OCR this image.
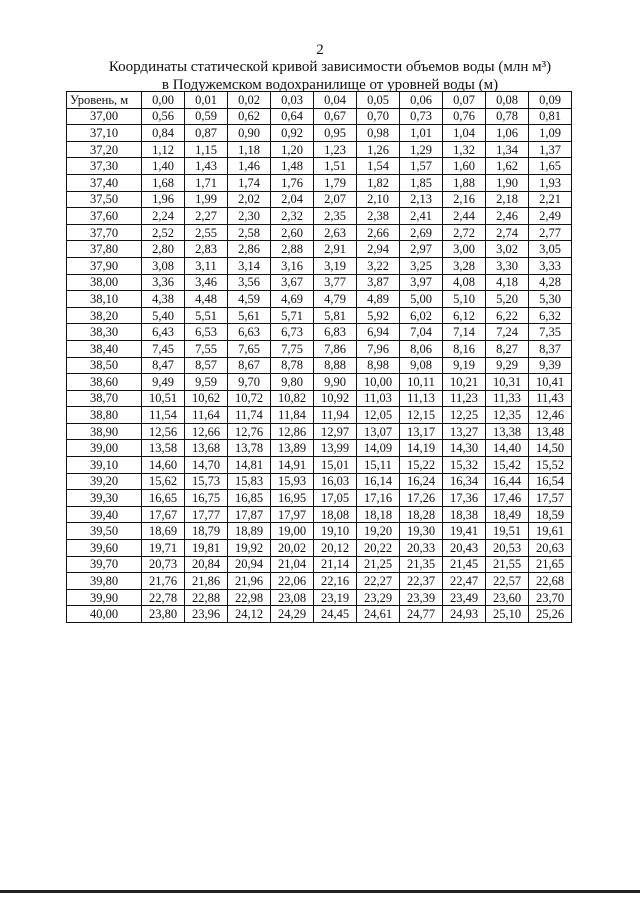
2
Координаты статической кривой зависимости объемов воды (млн м³)
в Подужемском водохранилище от уровней воды (м)
Уровень, м	0,00	0,01	0,02	0,03	0,04	0,05	0,06	0,07	0,08	0,09
37,00	0,56	0,59	0,62	0,64	0,67	0,70	0,73	0,76	0,78	0,81
37,10	0,84	0,87	0,90	0,92	0,95	0,98	1,01	1,04	1,06	1,09
37,20	1,12	1,15	1,18	1,20	1,23	1,26	1,29	1,32	1,34	1,37
37,30	1,40	1,43	1,46	1,48	1,51	1,54	1,57	1,60	1,62	1,65
37,40	1,68	1,71	1,74	1,76	1,79	1,82	1,85	1,88	1,90	1,93
37,50	1,96	1,99	2,02	2,04	2,07	2,10	2,13	2,16	2,18	2,21
37,60	2,24	2,27	2,30	2,32	2,35	2,38	2,41	2,44	2,46	2,49
37,70	2,52	2,55	2,58	2,60	2,63	2,66	2,69	2,72	2,74	2,77
37,80	2,80	2,83	2,86	2,88	2,91	2,94	2,97	3,00	3,02	3,05
37,90	3,08	3,11	3,14	3,16	3,19	3,22	3,25	3,28	3,30	3,33
38,00	3,36	3,46	3,56	3,67	3,77	3,87	3,97	4,08	4,18	4,28
38,10	4,38	4,48	4,59	4,69	4,79	4,89	5,00	5,10	5,20	5,30
38,20	5,40	5,51	5,61	5,71	5,81	5,92	6,02	6,12	6,22	6,32
38,30	6,43	6,53	6,63	6,73	6,83	6,94	7,04	7,14	7,24	7,35
38,40	7,45	7,55	7,65	7,75	7,86	7,96	8,06	8,16	8,27	8,37
38,50	8,47	8,57	8,67	8,78	8,88	8,98	9,08	9,19	9,29	9,39
38,60	9,49	9,59	9,70	9,80	9,90	10,00	10,11	10,21	10,31	10,41
38,70	10,51	10,62	10,72	10,82	10,92	11,03	11,13	11,23	11,33	11,43
38,80	11,54	11,64	11,74	11,84	11,94	12,05	12,15	12,25	12,35	12,46
38,90	12,56	12,66	12,76	12,86	12,97	13,07	13,17	13,27	13,38	13,48
39,00	13,58	13,68	13,78	13,89	13,99	14,09	14,19	14,30	14,40	14,50
39,10	14,60	14,70	14,81	14,91	15,01	15,11	15,22	15,32	15,42	15,52
39,20	15,62	15,73	15,83	15,93	16,03	16,14	16,24	16,34	16,44	16,54
39,30	16,65	16,75	16,85	16,95	17,05	17,16	17,26	17,36	17,46	17,57
39,40	17,67	17,77	17,87	17,97	18,08	18,18	18,28	18,38	18,49	18,59
39,50	18,69	18,79	18,89	19,00	19,10	19,20	19,30	19,41	19,51	19,61
39,60	19,71	19,81	19,92	20,02	20,12	20,22	20,33	20,43	20,53	20,63
39,70	20,73	20,84	20,94	21,04	21,14	21,25	21,35	21,45	21,55	21,65
39,80	21,76	21,86	21,96	22,06	22,16	22,27	22,37	22,47	22,57	22,68
39,90	22,78	22,88	22,98	23,08	23,19	23,29	23,39	23,49	23,60	23,70
40,00	23,80	23,96	24,12	24,29	24,45	24,61	24,77	24,93	25,10	25,26
